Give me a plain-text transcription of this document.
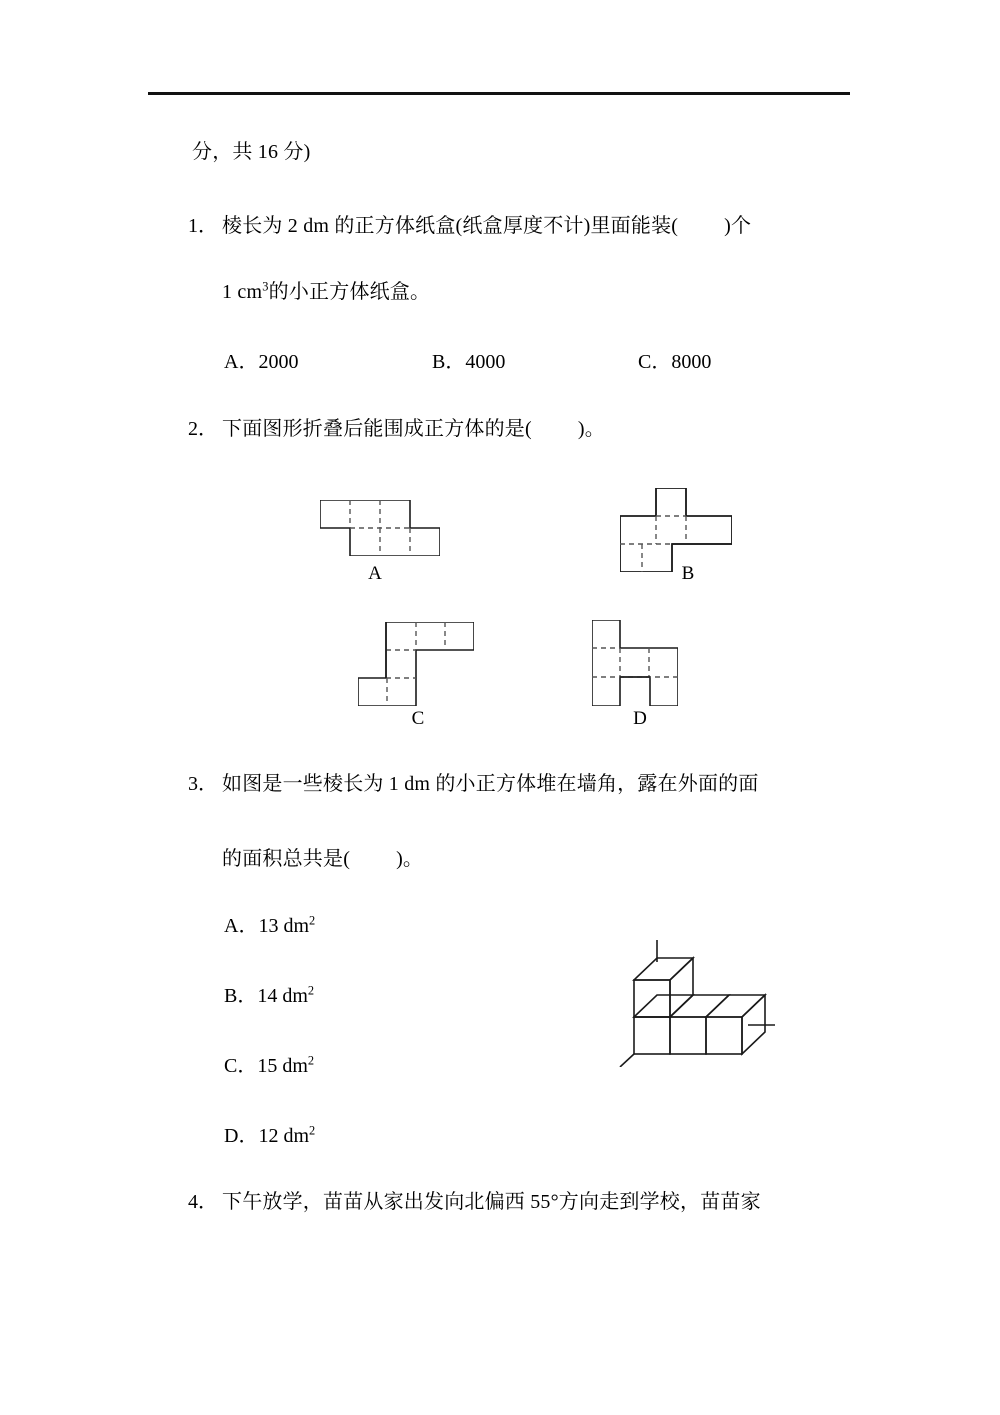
分，共 16 分)
1． 棱长为 2 dm 的正方体纸盒(纸盒厚度不计)里面能装( )个
1 $cm^3$的小正方体纸盒。
A．2000	B．4000	C．8000
2． 下面图形折叠后能围成正方体的是( )。
A	B
C	D
3． 如图是一些棱长为 1 dm 的小正方体堆在墙角，露在外面的面
的面积总共是( )。
A．13 $dm^2$
B．14 $dm^2$
C．15 $dm^2$
D．12 $dm^2$
4． 下午放学，苗苗从家出发向北偏西 55°方向走到学校，苗苗家
